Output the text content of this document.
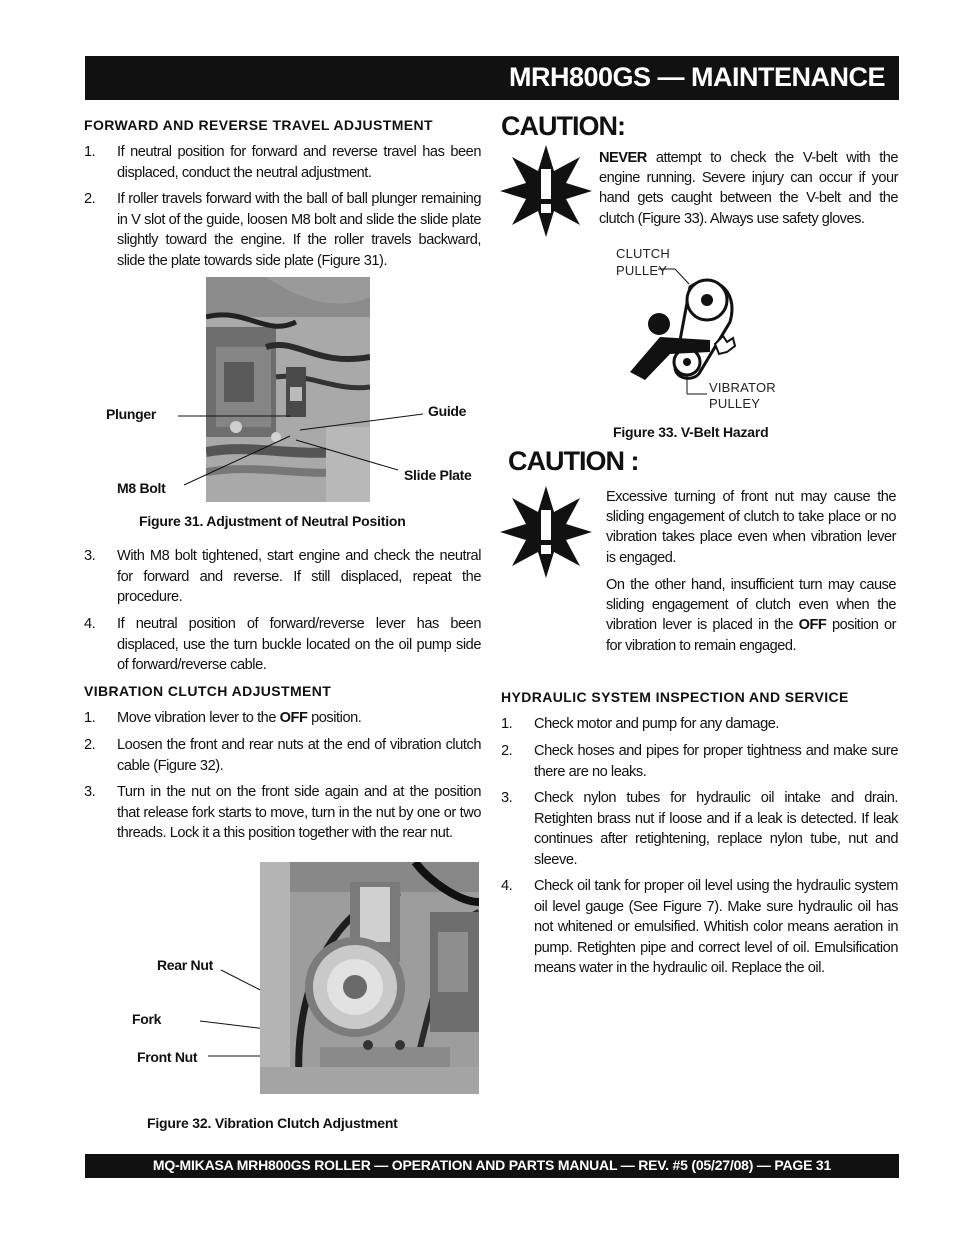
MRH800GS — MAINTENANCE
FORWARD AND REVERSE TRAVEL ADJUSTMENT
1. If neutral position for forward and reverse travel has been displaced, conduct the neutral adjustment.
2. If roller travels forward with the ball of ball plunger remaining in V slot of the guide, loosen M8 bolt and slide the slide plate slightly toward the engine. If the roller travels backward, slide the plate towards side plate (Figure 31).
Plunger	Guide
M8 Bolt
Slide Plate
Figure 31. Adjustment of Neutral Position
3. With M8 bolt tightened, start engine and check the neutral for forward and reverse. If still displaced, repeat the procedure.
4. If neutral position of forward/reverse lever has been displaced, use the turn buckle located on the oil pump side of forward/reverse cable.
VIBRATION CLUTCH ADJUSTMENT
1. Move vibration lever to the OFF position.
2. Loosen the front and rear nuts at the end of vibration clutch cable (Figure 32).
3. Turn in the nut on the front side again and at the position that release fork starts to move, turn in the nut by one or two threads. Lock it a this position together with the rear nut.
Rear Nut
Fork
Front Nut
Figure 32. Vibration Clutch Adjustment
CAUTION:
NEVER attempt to check the V-belt with the engine running. Severe injury can occur if your hand gets caught between the V-belt and the clutch (Figure 33). Always use safety gloves.
CLUTCH
PULLEY
VIBRATOR
PULLEY
Figure 33. V-Belt Hazard
CAUTION :
Excessive turning of front nut may cause the sliding engagement of clutch to take place or no vibration takes place even when vibration lever is engaged.
On the other hand, insufficient turn may cause sliding engagement of clutch even when the vibration lever is placed in the OFF position or for vibration to remain engaged.
HYDRAULIC SYSTEM INSPECTION AND SERVICE
1. Check motor and pump for any damage.
2. Check hoses and pipes for proper tightness and make sure there are no leaks.
3. Check nylon tubes for hydraulic oil intake and drain. Retighten brass nut if loose and if a leak is detected. If leak continues after retightening, replace nylon tube, nut and sleeve.
4. Check oil tank for proper oil level using the hydraulic system oil level gauge (See Figure 7). Make sure hydraulic oil has not whitened or emulsified. Whitish color means aeration in pump. Retighten pipe and correct level of oil. Emulsification means water in the hydraulic oil. Replace the oil.
MQ-MIKASA MRH800GS ROLLER — OPERATION AND PARTS MANUAL — REV. #5 (05/27/08) — PAGE 31
